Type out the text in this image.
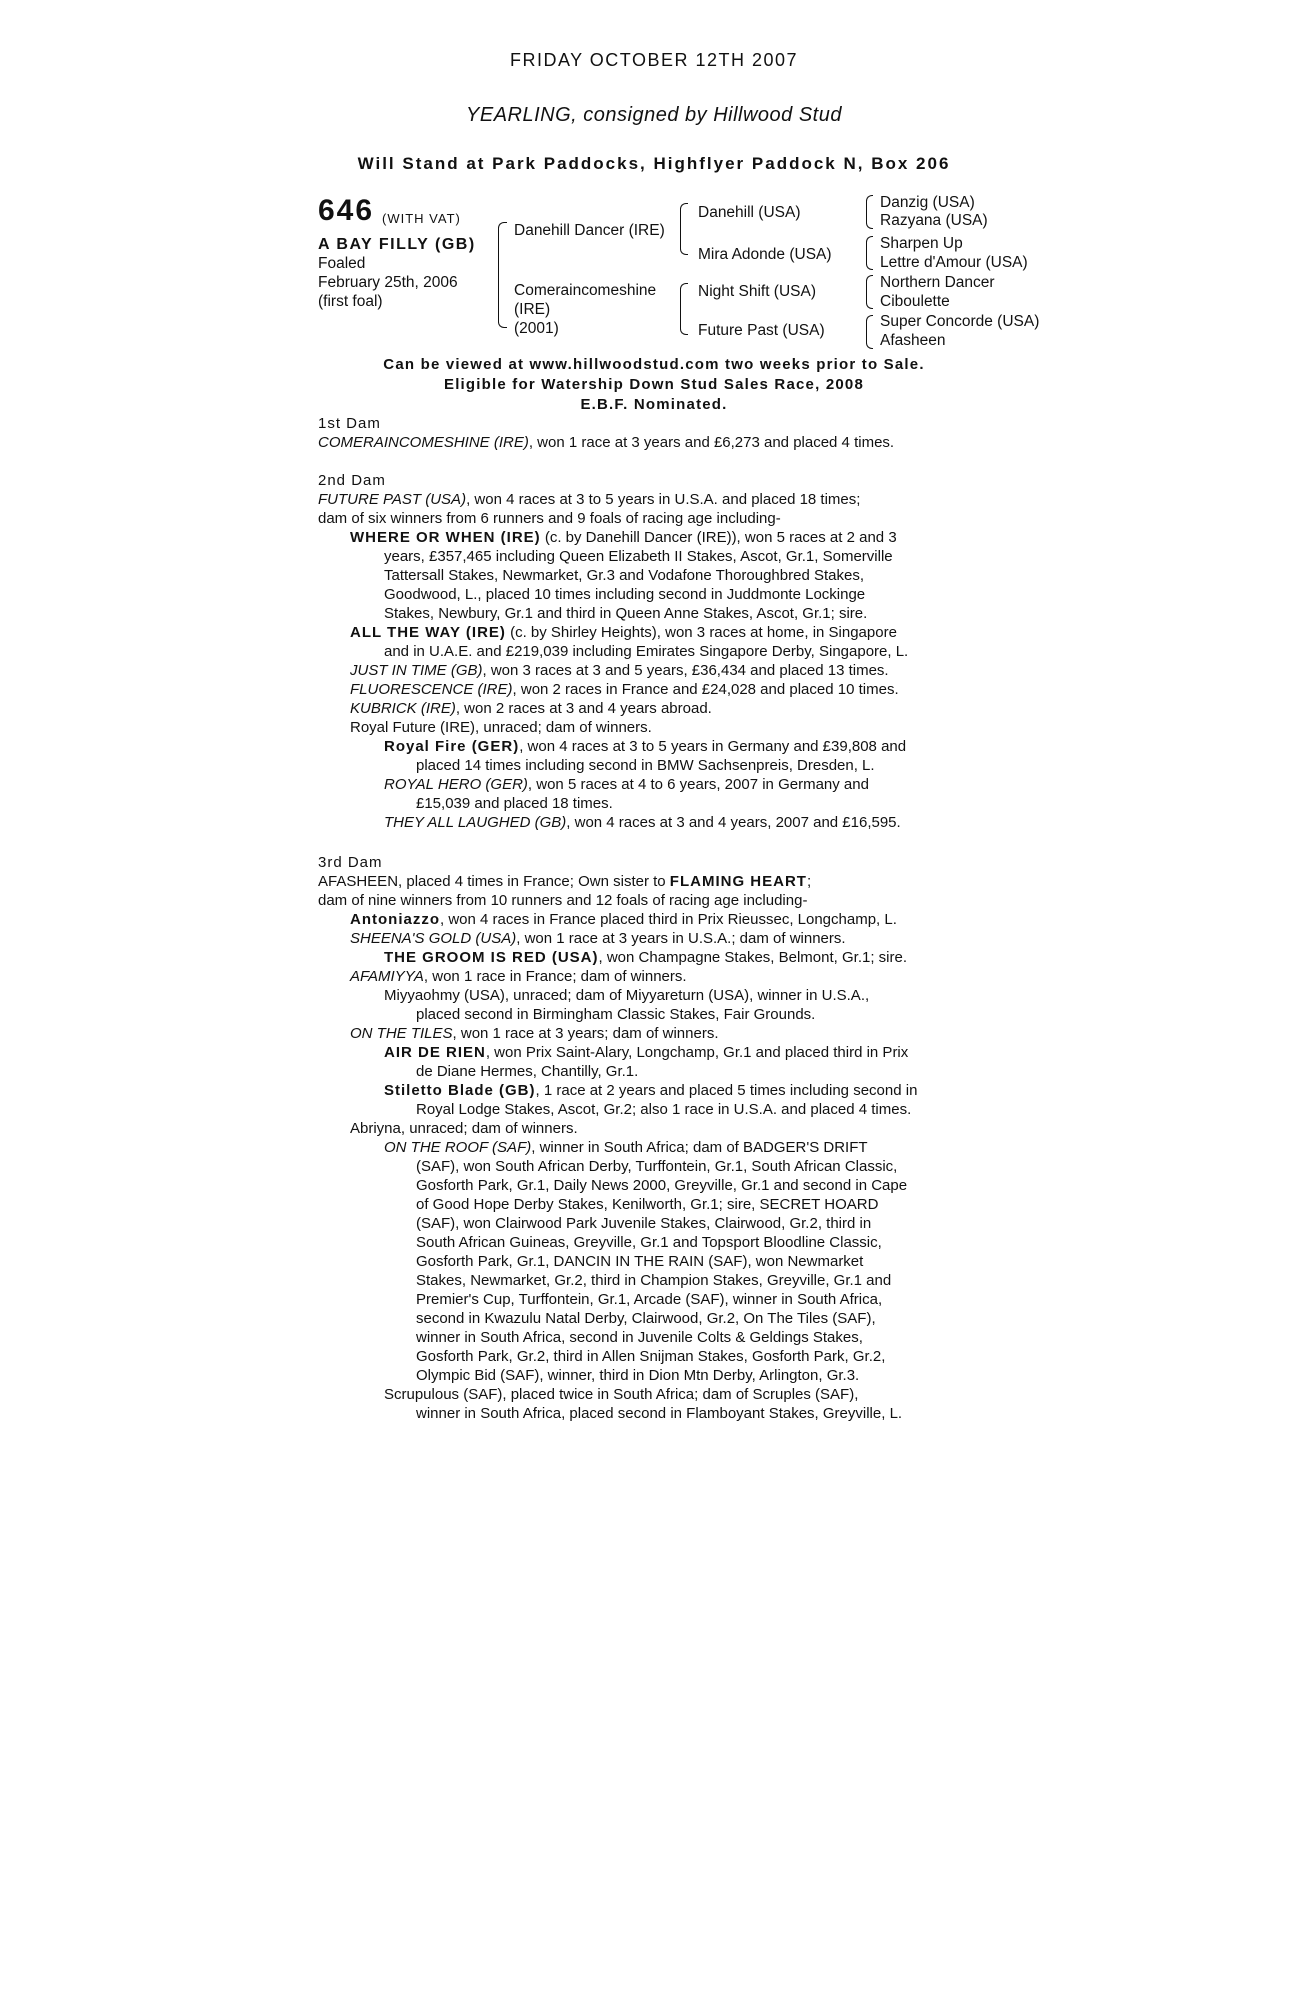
FRIDAY OCTOBER 12TH 2007
YEARLING, consigned by Hillwood Stud
Will Stand at Park Paddocks, Highflyer Paddock N, Box 206
646 (WITH VAT)
A BAY FILLY (GB)
Foaled
February 25th, 2006
(first foal)
Danehill Dancer (IRE)
Comeraincomeshine
(IRE)
(2001)
Danehill (USA)
Mira Adonde (USA)
Night Shift (USA)
Future Past (USA)
Danzig (USA)
Razyana (USA)
Sharpen Up
Lettre d'Amour (USA)
Northern Dancer
Ciboulette
Super Concorde (USA)
Afasheen
Can be viewed at www.hillwoodstud.com two weeks prior to Sale.
Eligible for Watership Down Stud Sales Race, 2008
E.B.F. Nominated.
1st Dam
COMERAINCOMESHINE (IRE), won 1 race at 3 years and £6,273 and placed 4 times.
2nd Dam
FUTURE PAST (USA), won 4 races at 3 to 5 years in U.S.A. and placed 18 times;
dam of six winners from 6 runners and 9 foals of racing age including-
WHERE OR WHEN (IRE) (c. by Danehill Dancer (IRE)), won 5 races at 2 and 3
years, £357,465 including Queen Elizabeth II Stakes, Ascot, Gr.1, Somerville
Tattersall Stakes, Newmarket, Gr.3 and Vodafone Thoroughbred Stakes,
Goodwood, L., placed 10 times including second in Juddmonte Lockinge
Stakes, Newbury, Gr.1 and third in Queen Anne Stakes, Ascot, Gr.1; sire.
ALL THE WAY (IRE) (c. by Shirley Heights), won 3 races at home, in Singapore
and in U.A.E. and £219,039 including Emirates Singapore Derby, Singapore, L.
JUST IN TIME (GB), won 3 races at 3 and 5 years, £36,434 and placed 13 times.
FLUORESCENCE (IRE), won 2 races in France and £24,028 and placed 10 times.
KUBRICK (IRE), won 2 races at 3 and 4 years abroad.
Royal Future (IRE), unraced; dam of winners.
Royal Fire (GER), won 4 races at 3 to 5 years in Germany and £39,808 and
placed 14 times including second in BMW Sachsenpreis, Dresden, L.
ROYAL HERO (GER), won 5 races at 4 to 6 years, 2007 in Germany and
£15,039 and placed 18 times.
THEY ALL LAUGHED (GB), won 4 races at 3 and 4 years, 2007 and £16,595.
3rd Dam
AFASHEEN, placed 4 times in France; Own sister to FLAMING HEART;
dam of nine winners from 10 runners and 12 foals of racing age including-
Antoniazzo, won 4 races in France placed third in Prix Rieussec, Longchamp, L.
SHEENA'S GOLD (USA), won 1 race at 3 years in U.S.A.; dam of winners.
THE GROOM IS RED (USA), won Champagne Stakes, Belmont, Gr.1; sire.
AFAMIYYA, won 1 race in France; dam of winners.
Miyyaohmy (USA), unraced; dam of Miyyareturn (USA), winner in U.S.A.,
placed second in Birmingham Classic Stakes, Fair Grounds.
ON THE TILES, won 1 race at 3 years; dam of winners.
AIR DE RIEN, won Prix Saint-Alary, Longchamp, Gr.1 and placed third in Prix
de Diane Hermes, Chantilly, Gr.1.
Stiletto Blade (GB), 1 race at 2 years and placed 5 times including second in
Royal Lodge Stakes, Ascot, Gr.2; also 1 race in U.S.A. and placed 4 times.
Abriyna, unraced; dam of winners.
ON THE ROOF (SAF), winner in South Africa; dam of BADGER'S DRIFT
(SAF), won South African Derby, Turffontein, Gr.1, South African Classic,
Gosforth Park, Gr.1, Daily News 2000, Greyville, Gr.1 and second in Cape
of Good Hope Derby Stakes, Kenilworth, Gr.1; sire, SECRET HOARD
(SAF), won Clairwood Park Juvenile Stakes, Clairwood, Gr.2, third in
South African Guineas, Greyville, Gr.1 and Topsport Bloodline Classic,
Gosforth Park, Gr.1, DANCIN IN THE RAIN (SAF), won Newmarket
Stakes, Newmarket, Gr.2, third in Champion Stakes, Greyville, Gr.1 and
Premier's Cup, Turffontein, Gr.1, Arcade (SAF), winner in South Africa,
second in Kwazulu Natal Derby, Clairwood, Gr.2, On The Tiles (SAF),
winner in South Africa, second in Juvenile Colts & Geldings Stakes,
Gosforth Park, Gr.2, third in Allen Snijman Stakes, Gosforth Park, Gr.2,
Olympic Bid (SAF), winner, third in Dion Mtn Derby, Arlington, Gr.3.
Scrupulous (SAF), placed twice in South Africa; dam of Scruples (SAF),
winner in South Africa, placed second in Flamboyant Stakes, Greyville, L.
